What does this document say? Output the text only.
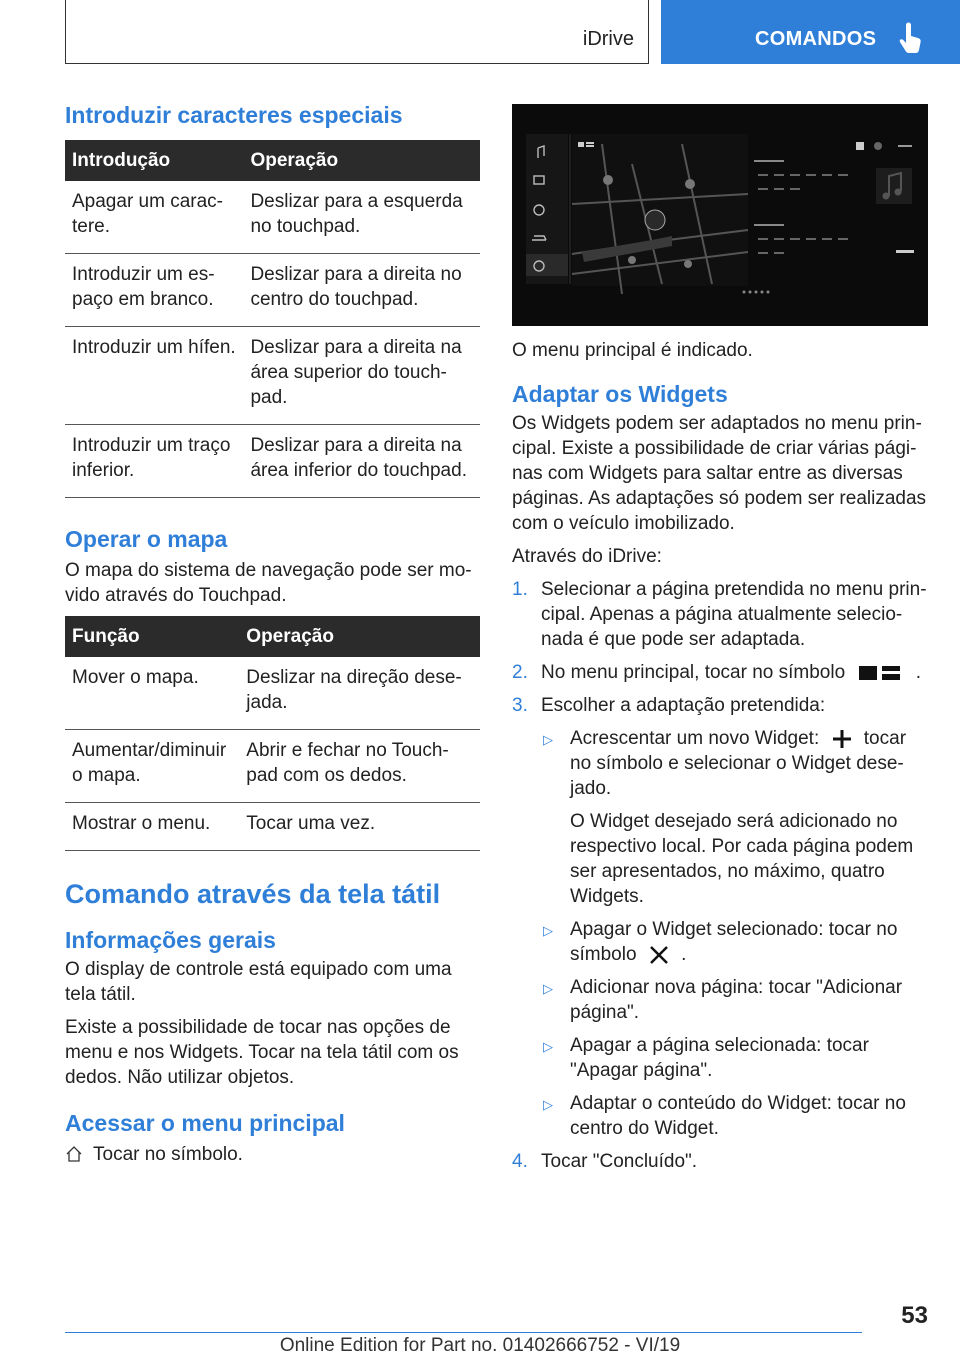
iDrive	COMANDOS
Introduzir caracteres especiais
Introdução	Operação
Apagar um carac-tere.	Deslizar para a esquerda no touchpad.
Introduzir um es-paço em branco.	Deslizar para a direita no centro do touchpad.
Introduzir um hífen.	Deslizar para a direita na área superior do touch-pad.
Introduzir um traço inferior.	Deslizar para a direita na área inferior do touchpad.
Operar o mapa

O mapa do sistema de navegação pode ser mo-vido através do Touchpad.

Função	Operação
Mover o mapa.	Deslizar na direção dese-jada.
Aumentar/diminuir o mapa.	Abrir e fechar no Touch-pad com os dedos.
Mostrar o menu.	Tocar uma vez.
Comando através da tela tátil
Informações gerais

O display de controle está equipado com uma tela tátil.

Existe a possibilidade de tocar nas opções de menu e nos Widgets. Tocar na tela tátil com os dedos. Não utilizar objetos.

Acessar o menu principal

Tocar no símbolo.

O menu principal é indicado.

Adaptar os Widgets

Os Widgets podem ser adaptados no menu prin-cipal. Existe a possibilidade de criar várias pági-nas com Widgets para saltar entre as diversas páginas. As adaptações só podem ser realizadas com o veículo imobilizado.

Através do iDrive:

1. Selecionar a página pretendida no menu prin-cipal. Apenas a página atualmente selecio-nada é que pode ser adaptada.
2. No menu principal, tocar no símbolo	.
3. Escolher a adaptação pretendida:
▷ Acrescentar um novo Widget: tocar no símbolo e selecionar o Widget dese-jado.

O Widget desejado será adicionado no respectivo local. Por cada página podem ser apresentados, no máximo, quatro Widgets.

▷ Apagar o Widget selecionado: tocar no símbolo .
▷ Adicionar nova página: tocar "Adicionar página".
▷ Apagar a página selecionada: tocar "Apagar página".
▷ Adaptar o conteúdo do Widget: tocar no centro do Widget.
4. Tocar "Concluído".
53
Online Edition for Part no. 01402666752 - VI/19
